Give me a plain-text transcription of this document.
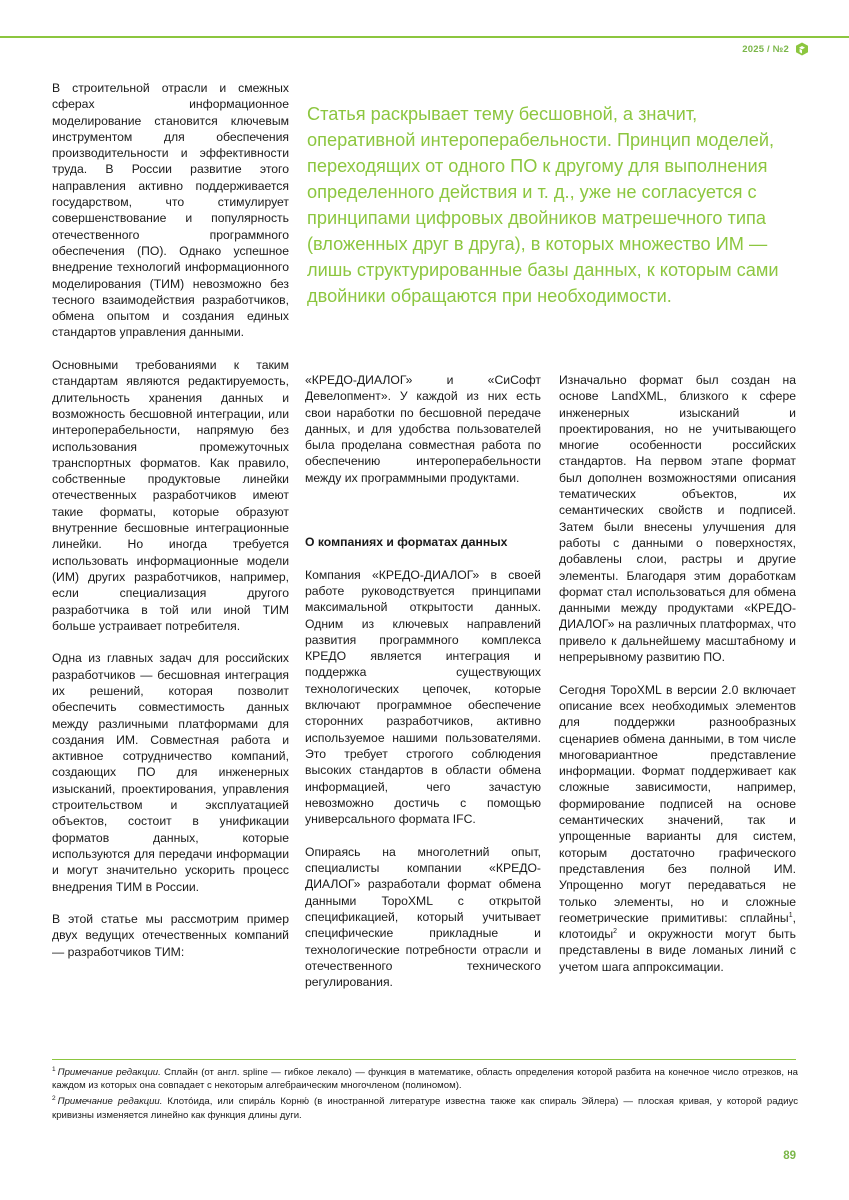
2025 / №2
Статья раскрывает тему бесшовной, а значит, оперативной интероперабельности. Принцип моделей, переходящих от одного ПО к другому для выполнения определенного действия и т. д., уже не согласуется с принципами цифровых двойников матрешечного типа (вложенных друг в друга), в которых множество ИМ — лишь структурированные базы данных, к которым сами двойники обращаются при необходимости.

В строительной отрасли и смежных сферах информационное моделирование становится ключевым инструментом для обеспечения производительности и эффективности труда. В России развитие этого направления активно поддерживается государством, что стимулирует совершенствование и популярность отечественного программного обеспечения (ПО). Однако успешное внедрение технологий информационного моделирования (ТИМ) невозможно без тесного взаимодействия разработчиков, обмена опытом и создания единых стандартов управления данными.

Основными требованиями к таким стандартам являются редактируемость, длительность хранения данных и возможность бесшовной интеграции, или интероперабельности, напрямую без использования промежуточных транспортных форматов. Как правило, собственные продуктовые линейки отечественных разработчиков имеют такие форматы, которые образуют внутренние бесшовные интеграционные линейки. Но иногда требуется использовать информационные модели (ИМ) других разработчиков, например, если специализация другого разработчика в той или иной ТИМ больше устраивает потребителя.

Одна из главных задач для российских разработчиков — бесшовная интеграция их решений, которая позволит обеспечить совместимость данных между различными платформами для создания ИМ. Совместная работа и активное сотрудничество компаний, создающих ПО для инженерных изысканий, проектирования, управления строительством и эксплуатацией объектов, состоит в унификации форматов данных, которые используются для передачи информации и могут значительно ускорить процесс внедрения ТИМ в России.

В этой статье мы рассмотрим пример двух ведущих отечественных компаний — разработчиков ТИМ:

«КРЕДО-ДИАЛОГ» и «СиСофт Девелопмент». У каждой из них есть свои наработки по бесшовной передаче данных, и для удобства пользователей была проделана совместная работа по обеспечению интероперабельности между их программными продуктами.

О компаниях и форматах данных

Компания «КРЕДО-ДИАЛОГ» в своей работе руководствуется принципами максимальной открытости данных. Одним из ключевых направлений развития программного комплекса КРЕДО является интеграция и поддержка существующих технологических цепочек, которые включают программное обеспечение сторонних разработчиков, активно используемое нашими пользователями. Это требует строгого соблюдения высоких стандартов в области обмена информацией, чего зачастую невозможно достичь с помощью универсального формата IFC.

Опираясь на многолетний опыт, специалисты компании «КРЕДО-ДИАЛОГ» разработали формат обмена данными TopoXML с открытой спецификацией, который учитывает специфические прикладные и технологические потребности отрасли и отечественного технического регулирования.

Изначально формат был создан на основе LandXML, близкого к сфере инженерных изысканий и проектирования, но не учитывающего многие особенности российских стандартов. На первом этапе формат был дополнен возможностями описания тематических объектов, их семантических свойств и подписей. Затем были внесены улучшения для работы с данными о поверхностях, добавлены слои, растры и другие элементы. Благодаря этим доработкам формат стал использоваться для обмена данными между продуктами «КРЕДО-ДИАЛОГ» на различных платформах, что привело к дальнейшему масштабному и непрерывному развитию ПО.

Сегодня TopoXML в версии 2.0 включает описание всех необходимых элементов для поддержки разнообразных сценариев обмена данными, в том числе многовариантное представление информации. Формат поддерживает как сложные зависимости, например, формирование подписей на основе семантических значений, так и упрощенные варианты для систем, которым достаточно графического представления без полной ИМ. Упрощенно могут передаваться не только элементы, но и сложные геометрические примитивы: сплайны$^1$, клотоиды$^2$ и окружности могут быть представлены в виде ломаных линий с учетом шага аппроксимации.

$^1$ Примечание редакции. Сплайн (от англ. spline — гибкое лекало) — функция в математике, область определения которой разбита на конечное число отрезков, на каждом из которых она совпадает с некоторым алгебраическим многочленом (полиномом).

$^2$ Примечание редакции. Клото́ида, или спира́ль Корню́ (в иностранной литературе известна также как спираль Эйлера) — плоская кривая, у которой радиус кривизны изменяется линейно как функция длины дуги.

89
